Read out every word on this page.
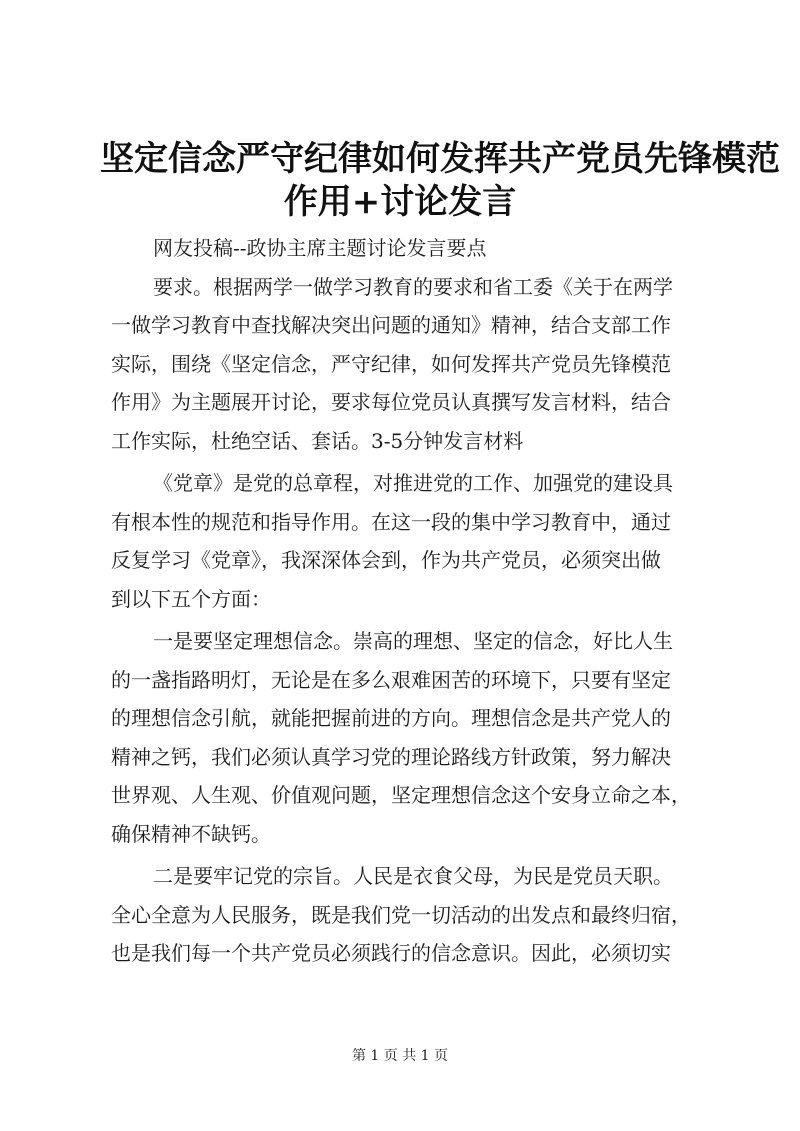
坚定信念严守纪律如何发挥共产党员先锋模范
作用+讨论发言

网友投稿--政协主席主题讨论发言要点

要求。根据两学一做学习教育的要求和省工委《关于在两学
一做学习教育中查找解决突出问题的通知》精神，结合支部工作
实际，围绕《坚定信念，严守纪律，如何发挥共产党员先锋模范
作用》为主题展开讨论，要求每位党员认真撰写发言材料，结合
工作实际，杜绝空话、套话。3-5分钟发言材料

《党章》是党的总章程，对推进党的工作、加强党的建设具
有根本性的规范和指导作用。在这一段的集中学习教育中，通过
反复学习《党章》，我深深体会到，作为共产党员，必须突出做
到以下五个方面：

一是要坚定理想信念。崇高的理想、坚定的信念，好比人生
的一盏指路明灯，无论是在多么艰难困苦的环境下，只要有坚定
的理想信念引航，就能把握前进的方向。理想信念是共产党人的
精神之钙，我们必须认真学习党的理论路线方针政策，努力解决
世界观、人生观、价值观问题，坚定理想信念这个安身立命之本，
确保精神不缺钙。

二是要牢记党的宗旨。人民是衣食父母，为民是党员天职。
全心全意为人民服务，既是我们党一切活动的出发点和最终归宿，
也是我们每一个共产党员必须践行的信念意识。因此，必须切实

第 1 页 共 1 页
